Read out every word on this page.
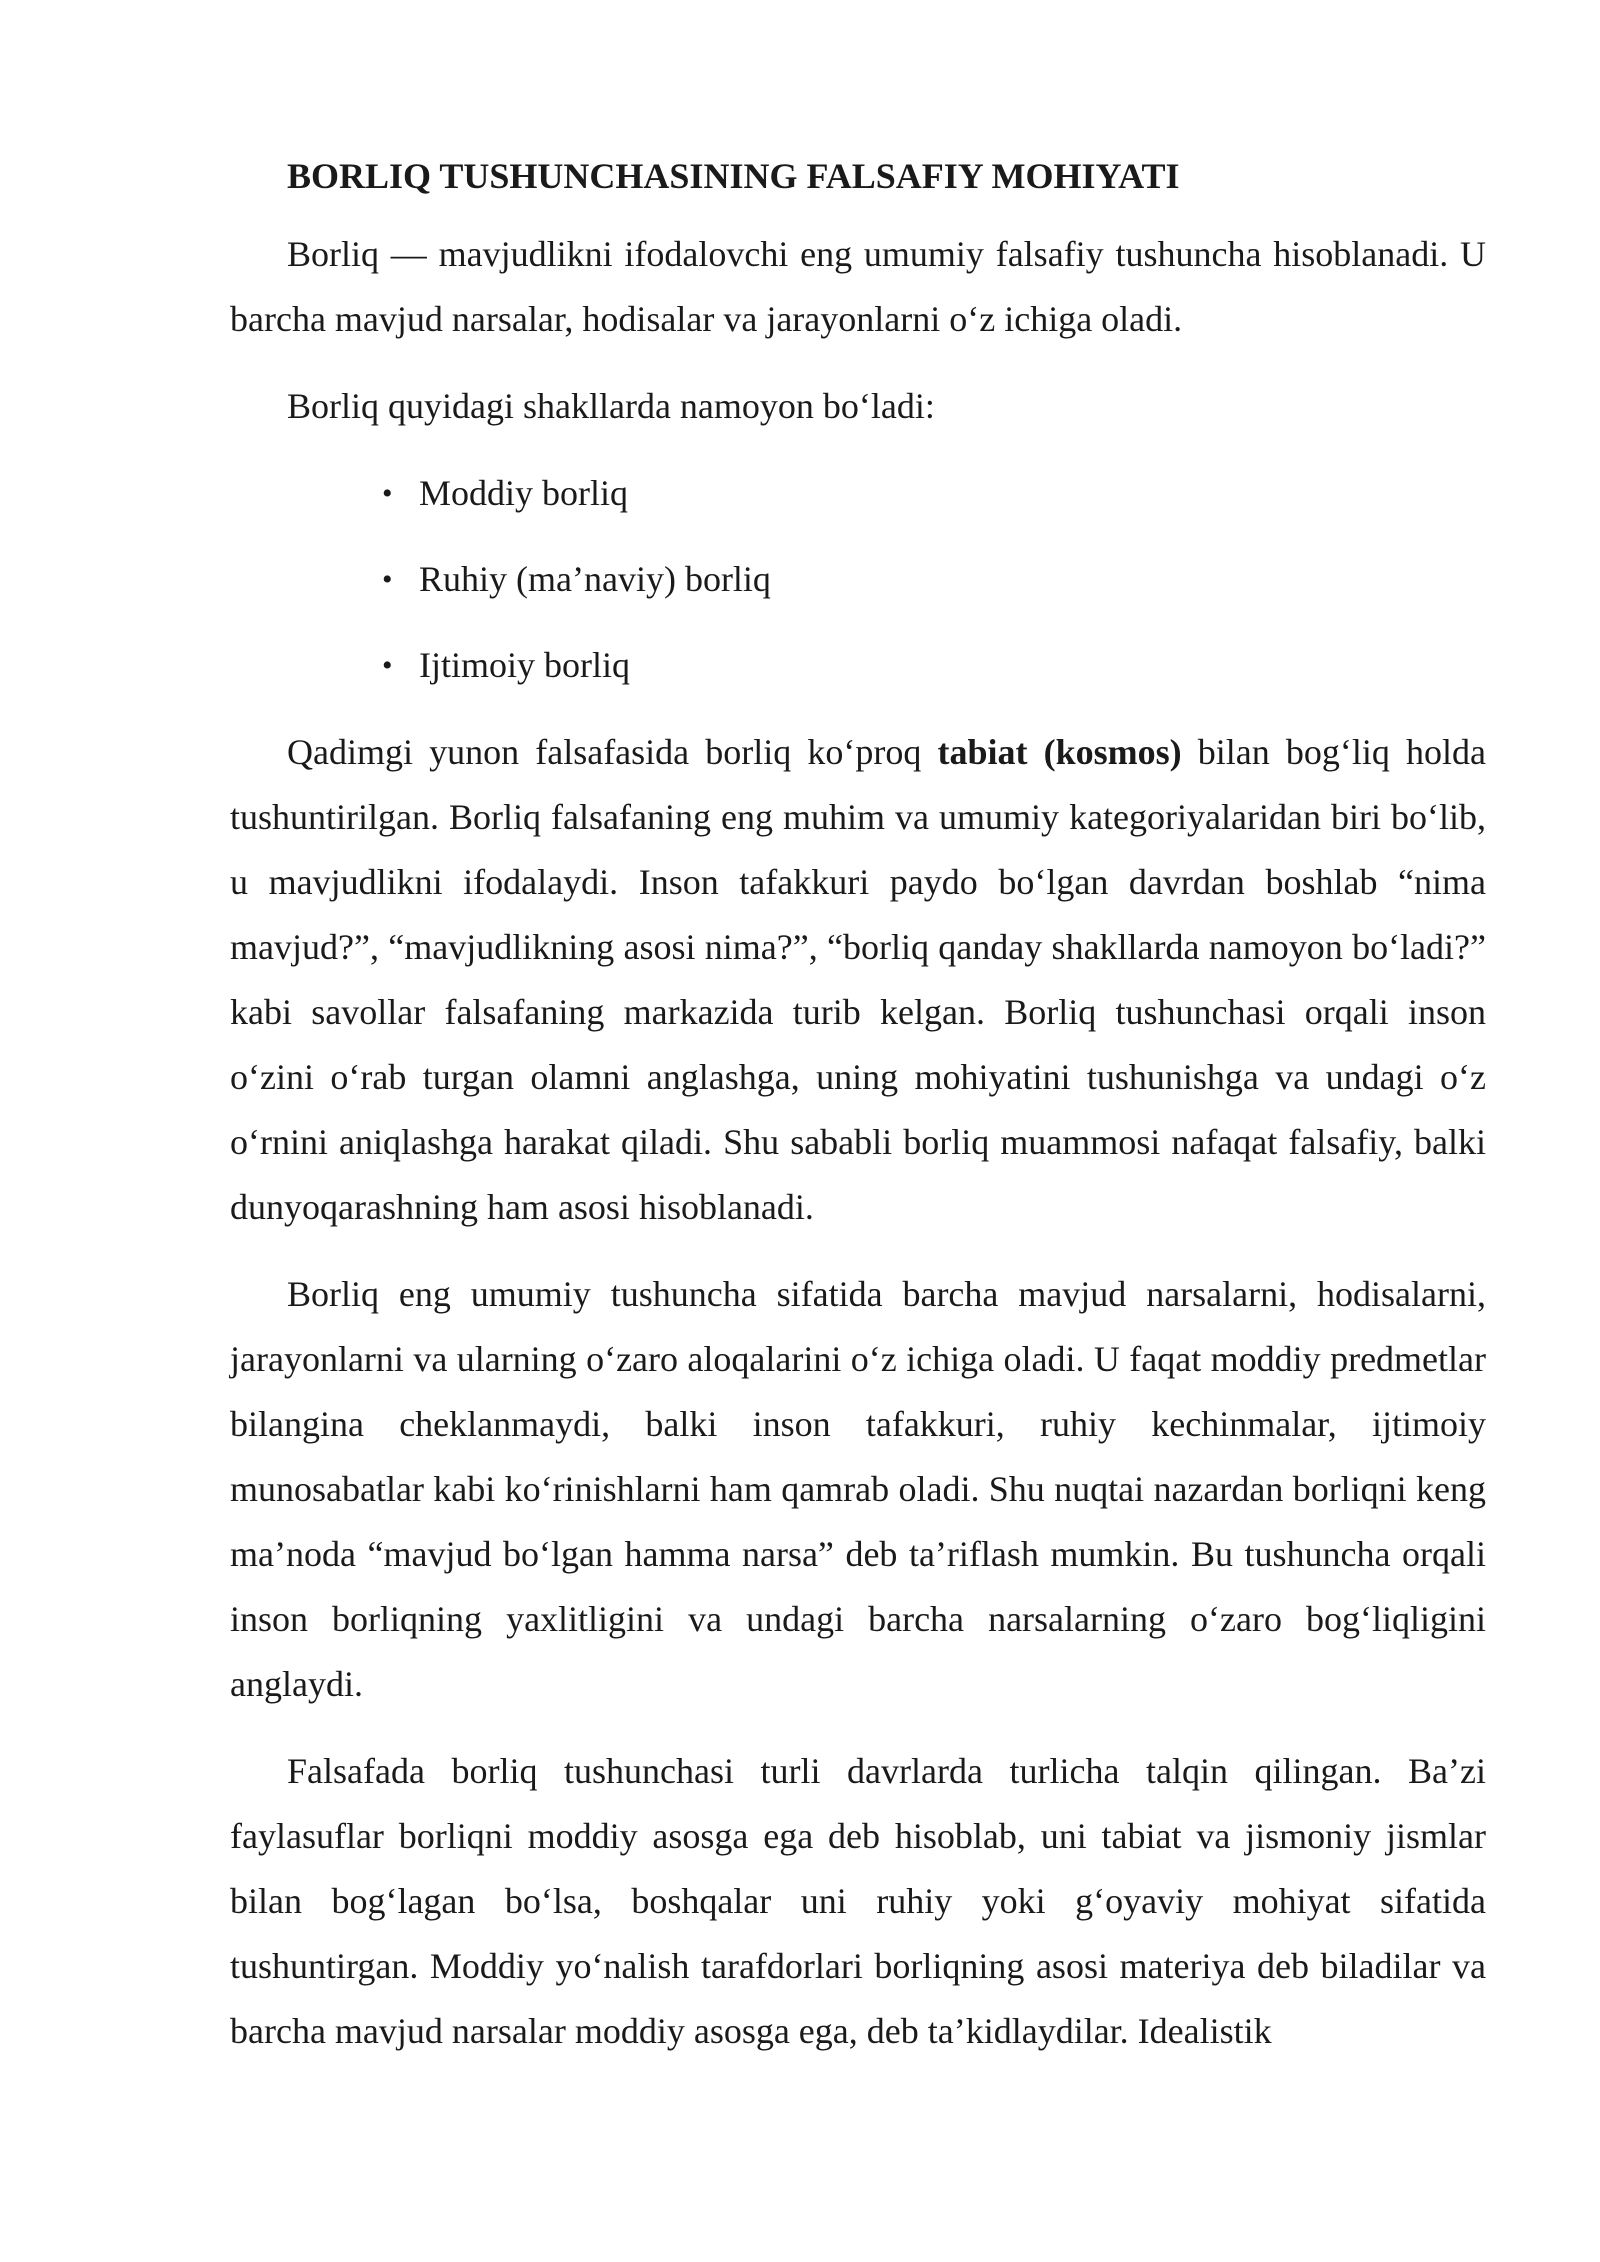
BORLIQ TUSHUNCHASINING FALSAFIY MOHIYATI

Borliq — mavjudlikni ifodalovchi eng umumiy falsafiy tushuncha hisoblanadi. U barcha mavjud narsalar, hodisalar va jarayonlarni o‘z ichiga oladi.

Borliq quyidagi shakllarda namoyon bo‘ladi:

• Moddiy borliq
• Ruhiy (ma’naviy) borliq
• Ijtimoiy borliq

Qadimgi yunon falsafasida borliq ko‘proq tabiat (kosmos) bilan bog‘liq holda tushuntirilgan. Borliq falsafaning eng muhim va umumiy kategoriyalaridan biri bo‘lib, u mavjudlikni ifodalaydi. Inson tafakkuri paydo bo‘lgan davrdan boshlab “nima mavjud?”, “mavjudlikning asosi nima?”, “borliq qanday shakllarda namoyon bo‘ladi?” kabi savollar falsafaning markazida turib kelgan. Borliq tushunchasi orqali inson o‘zini o‘rab turgan olamni anglashga, uning mohiyatini tushunishga va undagi o‘z o‘rnini aniqlashga harakat qiladi. Shu sababli borliq muammosi nafaqat falsafiy, balki dunyoqarashning ham asosi hisoblanadi.

Borliq eng umumiy tushuncha sifatida barcha mavjud narsalarni, hodisalarni, jarayonlarni va ularning o‘zaro aloqalarini o‘z ichiga oladi. U faqat moddiy predmetlar bilangina cheklanmaydi, balki inson tafakkuri, ruhiy kechinmalar, ijtimoiy munosabatlar kabi ko‘rinishlarni ham qamrab oladi. Shu nuqtai nazardan borliqni keng ma’noda “mavjud bo‘lgan hamma narsa” deb ta’riflash mumkin. Bu tushuncha orqali inson borliqning yaxlitligini va undagi barcha narsalarning o‘zaro bog‘liqligini anglaydi.

Falsafada borliq tushunchasi turli davrlarda turlicha talqin qilingan. Ba’zi faylasuflar borliqni moddiy asosga ega deb hisoblab, uni tabiat va jismoniy jismlar bilan bog‘lagan bo‘lsa, boshqalar uni ruhiy yoki g‘oyaviy mohiyat sifatida tushuntirgan. Moddiy yo‘nalish tarafdorlari borliqning asosi materiya deb biladilar va barcha mavjud narsalar moddiy asosga ega, deb ta’kidlaydilar. Idealistik
